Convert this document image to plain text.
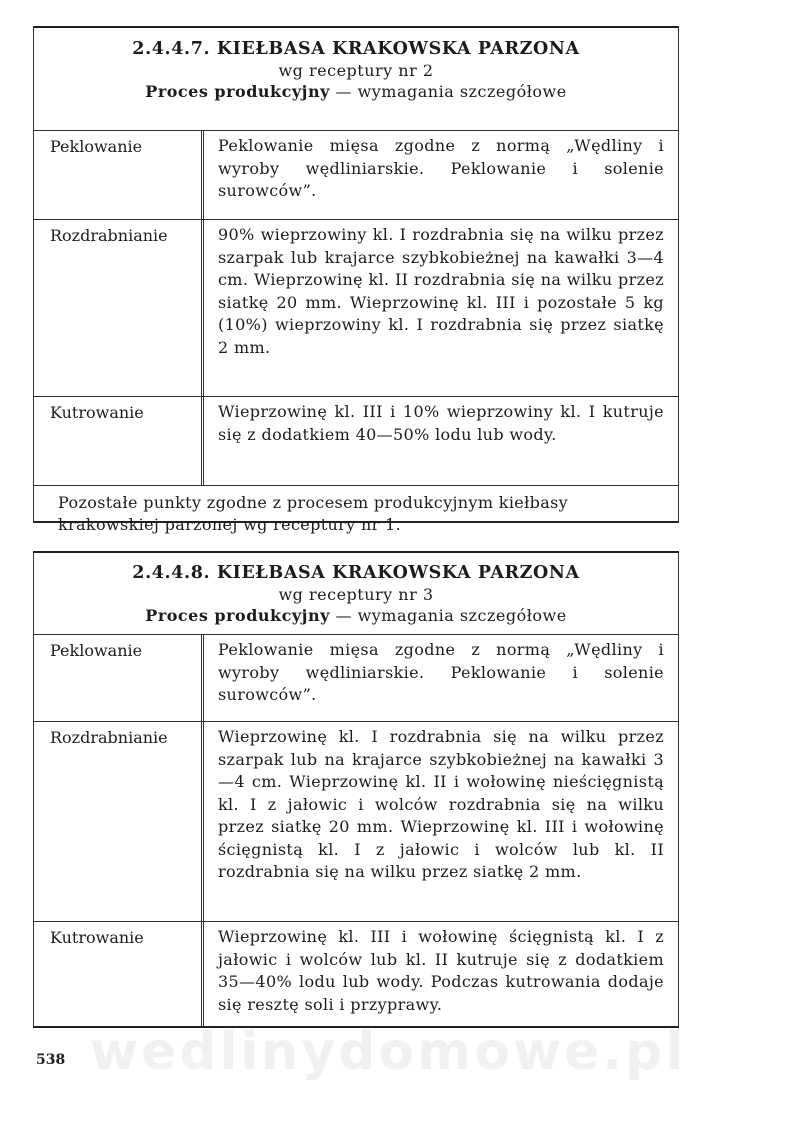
2.4.4.7. KIEŁBASA KRAKOWSKA PARZONA
wg receptury nr 2
Proces produkcyjny — wymagania szczegółowe
Peklowanie	Peklowanie mięsa zgodne z normą „Wędliny i wyroby wędliniarskie. Peklowanie i solenie surowców”.
Rozdrabnianie	90% wieprzowiny kl. I rozdrabnia się na wilku przez szarpak lub krajarce szybkobieżnej na kawałki 3—4 cm. Wieprzowinę kl. II rozdrabnia się na wilku przez siatkę 20 mm. Wieprzowinę kl. III i pozostałe 5 kg (10%) wieprzowiny kl. I rozdrabnia się przez siatkę 2 mm.
Kutrowanie	Wieprzowinę kl. III i 10% wieprzowiny kl. I kutruje się z dodatkiem 40—50% lodu lub wody.
Pozostałe punkty zgodne z procesem produkcyjnym kiełbasy krakowskiej parzonej wg receptury nr 1.
2.4.4.8. KIEŁBASA KRAKOWSKA PARZONA
wg receptury nr 3
Proces produkcyjny — wymagania szczegółowe
Peklowanie	Peklowanie mięsa zgodne z normą „Wędliny i wyroby wędliniarskie. Peklowanie i solenie surowców”.
Rozdrabnianie	Wieprzowinę kl. I rozdrabnia się na wilku przez szarpak lub na krajarce szybkobieżnej na kawałki 3—4 cm. Wieprzowinę kl. II i wołowinę nieścięgnistą kl. I z jałowic i wolców rozdrabnia się na wilku przez siatkę 20 mm. Wieprzowinę kl. III i wołowinę ścięgnistą kl. I z jałowic i wolców lub kl. II rozdrabnia się na wilku przez siatkę 2 mm.
Kutrowanie	Wieprzowinę kl. III i wołowinę ścięgnistą kl. I z jałowic i wolców lub kl. II kutruje się z dodatkiem 35—40% lodu lub wody. Podczas kutrowania dodaje się resztę soli i przyprawy.
wedlinydomowe.pl
538
